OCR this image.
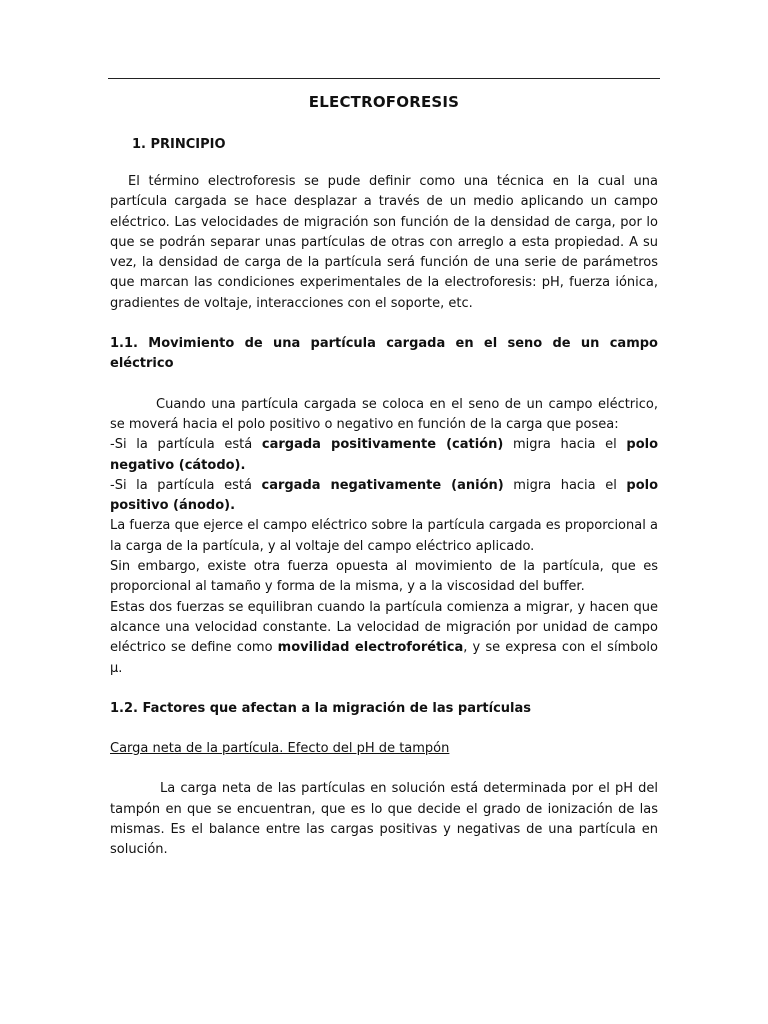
ELECTROFORESIS
1. PRINCIPIO

El término electroforesis se pude definir como una técnica en la cual una partícula cargada se hace desplazar a través de un medio aplicando un campo eléctrico. Las velocidades de migración son función de la densidad de carga, por lo que se podrán separar unas partículas de otras con arreglo a esta propiedad. A su vez, la densidad de carga de la partícula será función de una serie de parámetros que marcan las condiciones experimentales de la electroforesis: pH, fuerza iónica, gradientes de voltaje, interacciones con el soporte, etc.

1.1. Movimiento de una partícula cargada en el seno de un campo eléctrico

Cuando una partícula cargada se coloca en el seno de un campo eléctrico, se moverá hacia el polo positivo o negativo en función de la carga que posea:

-Si la partícula está cargada positivamente (catión) migra hacia el polo negativo (cátodo).

-Si la partícula está cargada negativamente (anión) migra hacia el polo positivo (ánodo).

La fuerza que ejerce el campo eléctrico sobre la partícula cargada es proporcional a la carga de la partícula, y al voltaje del campo eléctrico aplicado.

Sin embargo, existe otra fuerza opuesta al movimiento de la partícula, que es proporcional al tamaño y forma de la misma, y a la viscosidad del buffer.

Estas dos fuerzas se equilibran cuando la partícula comienza a migrar, y hacen que alcance una velocidad constante. La velocidad de migración por unidad de campo eléctrico se define como movilidad electroforética, y se expresa con el símbolo μ.

1.2. Factores que afectan a la migración de las partículas

Carga neta de la partícula. Efecto del pH de tampón

La carga neta de las partículas en solución está determinada por el pH del tampón en que se encuentran, que es lo que decide el grado de ionización de las mismas. Es el balance entre las cargas positivas y negativas de una partícula en solución.
